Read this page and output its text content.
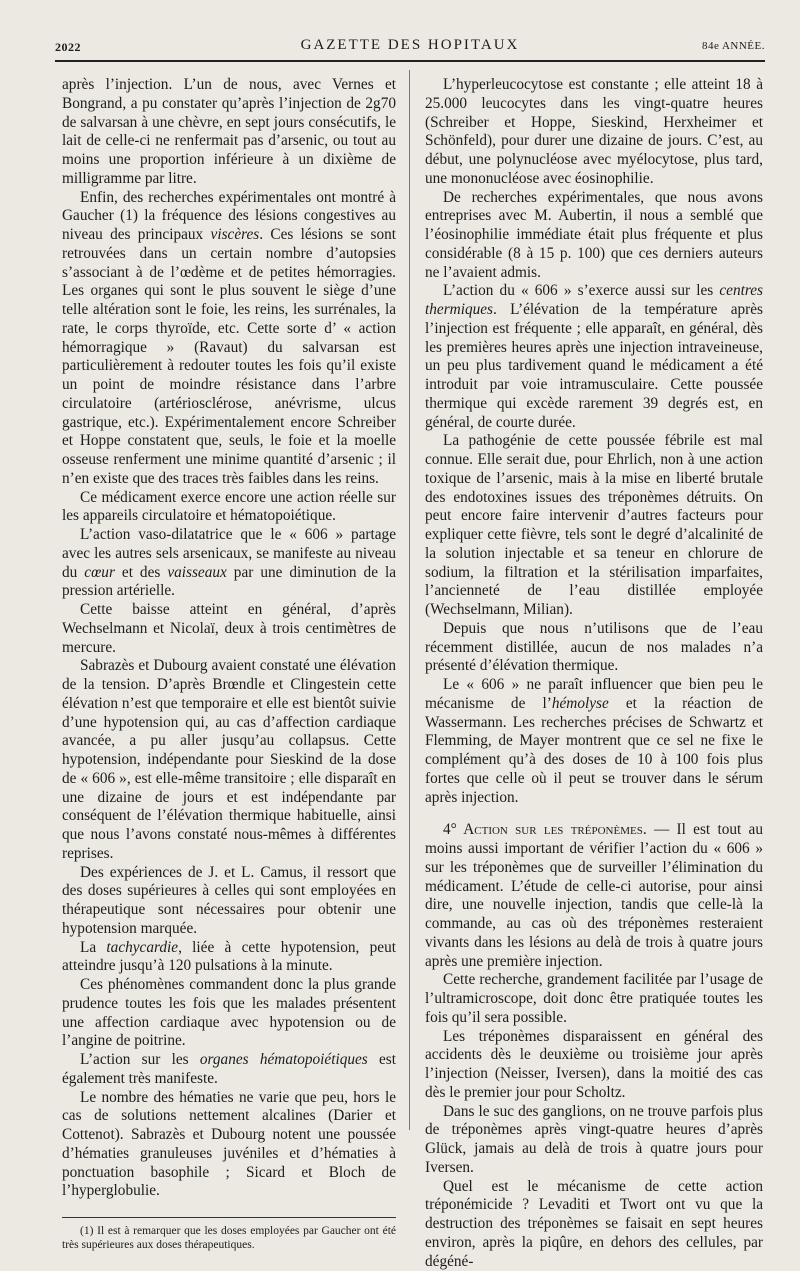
2022	GAZETTE DES HOPITAUX	84e ANNÉE.

après l’injection. L’un de nous, avec Vernes et Bongrand, a pu constater qu’après l’injection de 2g70 de salvarsan à une chèvre, en sept jours consécutifs, le lait de celle-ci ne renfermait pas d’arsenic, ou tout au moins une proportion inférieure à un dixième de milligramme par litre.

Enfin, des recherches expérimentales ont montré à Gaucher (1) la fréquence des lésions congestives au niveau des principaux viscères. Ces lésions se sont retrouvées dans un certain nombre d’autopsies s’associant à de l’œdème et de petites hémorragies. Les organes qui sont le plus souvent le siège d’une telle altération sont le foie, les reins, les surrénales, la rate, le corps thyroïde, etc. Cette sorte d’ « action hémorragique » (Ravaut) du salvarsan est particulièrement à redouter toutes les fois qu’il existe un point de moindre résistance dans l’arbre circulatoire (artériosclérose, anévrisme, ulcus gastrique, etc.). Expérimentalement encore Schreiber et Hoppe constatent que, seuls, le foie et la moelle osseuse renferment une minime quantité d’arsenic ; il n’en existe que des traces très faibles dans les reins.

Ce médicament exerce encore une action réelle sur les appareils circulatoire et hématopoiétique.

L’action vaso-dilatatrice que le « 606 » partage avec les autres sels arsenicaux, se manifeste au niveau du cœur et des vaisseaux par une diminution de la pression artérielle.

Cette baisse atteint en général, d’après Wechselmann et Nicolaï, deux à trois centimètres de mercure.

Sabrazès et Dubourg avaient constaté une élévation de la tension. D’après Brœndle et Clingestein cette élévation n’est que temporaire et elle est bientôt suivie d’une hypotension qui, au cas d’affection cardiaque avancée, a pu aller jusqu’au collapsus. Cette hypotension, indépendante pour Sieskind de la dose de « 606 », est elle-même transitoire ; elle disparaît en une dizaine de jours et est indépendante par conséquent de l’élévation thermique habituelle, ainsi que nous l’avons constaté nous-mêmes à différentes reprises.

Des expériences de J. et L. Camus, il ressort que des doses supérieures à celles qui sont employées en thérapeutique sont nécessaires pour obtenir une hypotension marquée.

La tachycardie, liée à cette hypotension, peut atteindre jusqu’à 120 pulsations à la minute.

Ces phénomènes commandent donc la plus grande prudence toutes les fois que les malades présentent une affection cardiaque avec hypotension ou de l’angine de poitrine.

L’action sur les organes hématopoiétiques est également très manifeste.

Le nombre des hématies ne varie que peu, hors le cas de solutions nettement alcalines (Darier et Cottenot). Sabrazès et Dubourg notent une poussée d’hématies granuleuses juvéniles et d’hématies à ponctuation basophile ; Sicard et Bloch de l’hyperglobulie.

(1) Il est à remarquer que les doses employées par Gaucher ont été très supérieures aux doses thérapeutiques.

L’hyperleucocytose est constante ; elle atteint 18 à 25.000 leucocytes dans les vingt-quatre heures (Schreiber et Hoppe, Sieskind, Herxheimer et Schönfeld), pour durer une dizaine de jours. C’est, au début, une polynucléose avec myélocytose, plus tard, une mononucléose avec éosinophilie.

De recherches expérimentales, que nous avons entreprises avec M. Aubertin, il nous a semblé que l’éosinophilie immédiate était plus fréquente et plus considérable (8 à 15 p. 100) que ces derniers auteurs ne l’avaient admis.

L’action du « 606 » s’exerce aussi sur les centres thermiques. L’élévation de la température après l’injection est fréquente ; elle apparaît, en général, dès les premières heures après une injection intraveineuse, un peu plus tardivement quand le médicament a été introduit par voie intramusculaire. Cette poussée thermique qui excède rarement 39 degrés est, en général, de courte durée.

La pathogénie de cette poussée fébrile est mal connue. Elle serait due, pour Ehrlich, non à une action toxique de l’arsenic, mais à la mise en liberté brutale des endotoxines issues des tréponèmes détruits. On peut encore faire intervenir d’autres facteurs pour expliquer cette fièvre, tels sont le degré d’alcalinité de la solution injectable et sa teneur en chlorure de sodium, la filtration et la stérilisation imparfaites, l’ancienneté de l’eau distillée employée (Wechselmann, Milian).

Depuis que nous n’utilisons que de l’eau récemment distillée, aucun de nos malades n’a présenté d’élévation thermique.

Le « 606 » ne paraît influencer que bien peu le mécanisme de l’hémolyse et la réaction de Wassermann. Les recherches précises de Schwartz et Flemming, de Mayer montrent que ce sel ne fixe le complément qu’à des doses de 10 à 100 fois plus fortes que celle où il peut se trouver dans le sérum après injection.

4° Action sur les tréponèmes. — Il est tout au moins aussi important de vérifier l’action du « 606 » sur les tréponèmes que de surveiller l’élimination du médicament. L’étude de celle-ci autorise, pour ainsi dire, une nouvelle injection, tandis que celle-là la commande, au cas où des tréponèmes resteraient vivants dans les lésions au delà de trois à quatre jours après une première injection.

Cette recherche, grandement facilitée par l’usage de l’ultramicroscope, doit donc être pratiquée toutes les fois qu’il sera possible.

Les tréponèmes disparaissent en général des accidents dès le deuxième ou troisième jour après l’injection (Neisser, Iversen), dans la moitié des cas dès le premier jour pour Scholtz.

Dans le suc des ganglions, on ne trouve parfois plus de tréponèmes après vingt-quatre heures d’après Glück, jamais au delà de trois à quatre jours pour Iversen.

Quel est le mécanisme de cette action tréponémicide ? Levaditi et Twort ont vu que la destruction des tréponèmes se faisait en sept heures environ, après la piqûre, en dehors des cellules, par dégéné-
